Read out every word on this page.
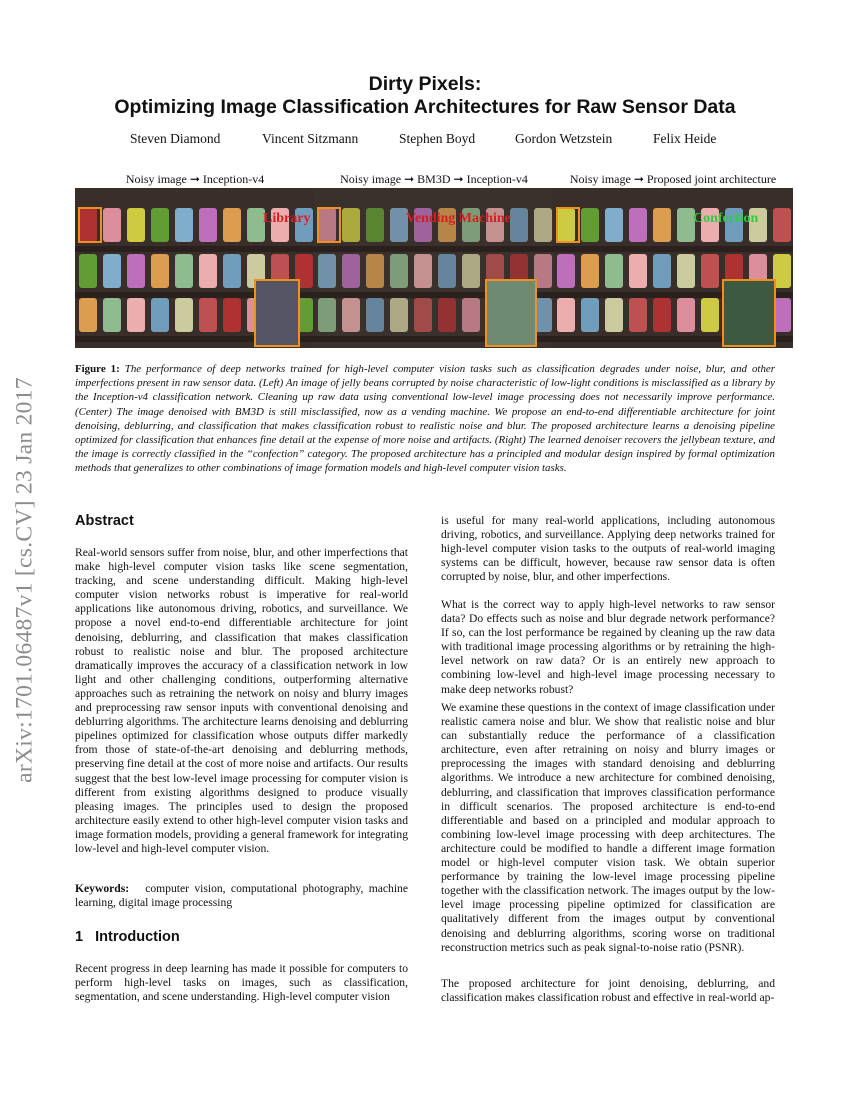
arXiv:1701.06487v1 [cs.CV] 23 Jan 2017
Dirty Pixels:
Optimizing Image Classification Architectures for Raw Sensor Data
Steven Diamond	Vincent Sitzmann	Stephen Boyd	Gordon Wetzstein	Felix Heide
Noisy image ➞ Inception-v4
Library
Noisy image ➞ BM3D ➞ Inception-v4
Vending Machine
Noisy image ➞ Proposed joint architecture
Confection
Figure 1: The performance of deep networks trained for high-level computer vision tasks such as classification degrades under noise, blur, and other imperfections present in raw sensor data. (Left) An image of jelly beans corrupted by noise characteristic of low-light conditions is misclassified as a library by the Inception-v4 classification network. Cleaning up raw data using conventional low-level image processing does not necessarily improve performance. (Center) The image denoised with BM3D is still misclassified, now as a vending machine. We propose an end-to-end differentiable architecture for joint denoising, deblurring, and classification that makes classification robust to realistic noise and blur. The proposed architecture learns a denoising pipeline optimized for classification that enhances fine detail at the expense of more noise and artifacts. (Right) The learned denoiser recovers the jellybean texture, and the image is correctly classified in the “confection” category. The proposed architecture has a principled and modular design inspired by formal optimization methods that generalizes to other combinations of image formation models and high-level computer vision tasks.
Abstract
Real-world sensors suffer from noise, blur, and other imperfections that make high-level computer vision tasks like scene segmentation, tracking, and scene understanding difficult. Making high-level computer vision networks robust is imperative for real-world applications like autonomous driving, robotics, and surveillance. We propose a novel end-to-end differentiable architecture for joint denoising, deblurring, and classification that makes classification robust to realistic noise and blur. The proposed architecture dramatically improves the accuracy of a classification network in low light and other challenging conditions, outperforming alternative approaches such as retraining the network on noisy and blurry images and preprocessing raw sensor inputs with conventional denoising and deblurring algorithms. The architecture learns denoising and deblurring pipelines optimized for classification whose outputs differ markedly from those of state-of-the-art denoising and deblurring methods, preserving fine detail at the cost of more noise and artifacts. Our results suggest that the best low-level image processing for computer vision is different from existing algorithms designed to produce visually pleasing images. The principles used to design the proposed architecture easily extend to other high-level computer vision tasks and image formation models, providing a general framework for integrating low-level and high-level computer vision.
Keywords: computer vision, computational photography, machine learning, digital image processing
1   Introduction
Recent progress in deep learning has made it possible for computers to perform high-level tasks on images, such as classification, segmentation, and scene understanding. High-level computer vision
is useful for many real-world applications, including autonomous driving, robotics, and surveillance. Applying deep networks trained for high-level computer vision tasks to the outputs of real-world imaging systems can be difficult, however, because raw sensor data is often corrupted by noise, blur, and other imperfections.
What is the correct way to apply high-level networks to raw sensor data? Do effects such as noise and blur degrade network performance? If so, can the lost performance be regained by cleaning up the raw data with traditional image processing algorithms or by retraining the high-level network on raw data? Or is an entirely new approach to combining low-level and high-level image processing necessary to make deep networks robust?
We examine these questions in the context of image classification under realistic camera noise and blur. We show that realistic noise and blur can substantially reduce the performance of a classification architecture, even after retraining on noisy and blurry images or preprocessing the images with standard denoising and deblurring algorithms. We introduce a new architecture for combined denoising, deblurring, and classification that improves classification performance in difficult scenarios. The proposed architecture is end-to-end differentiable and based on a principled and modular approach to combining low-level image processing with deep architectures. The architecture could be modified to handle a different image formation model or high-level computer vision task. We obtain superior performance by training the low-level image processing pipeline together with the classification network. The images output by the low-level image processing pipeline optimized for classification are qualitatively different from the images output by conventional denoising and deblurring algorithms, scoring worse on traditional reconstruction metrics such as peak signal-to-noise ratio (PSNR).
The proposed architecture for joint denoising, deblurring, and classification makes classification robust and effective in real-world ap-
